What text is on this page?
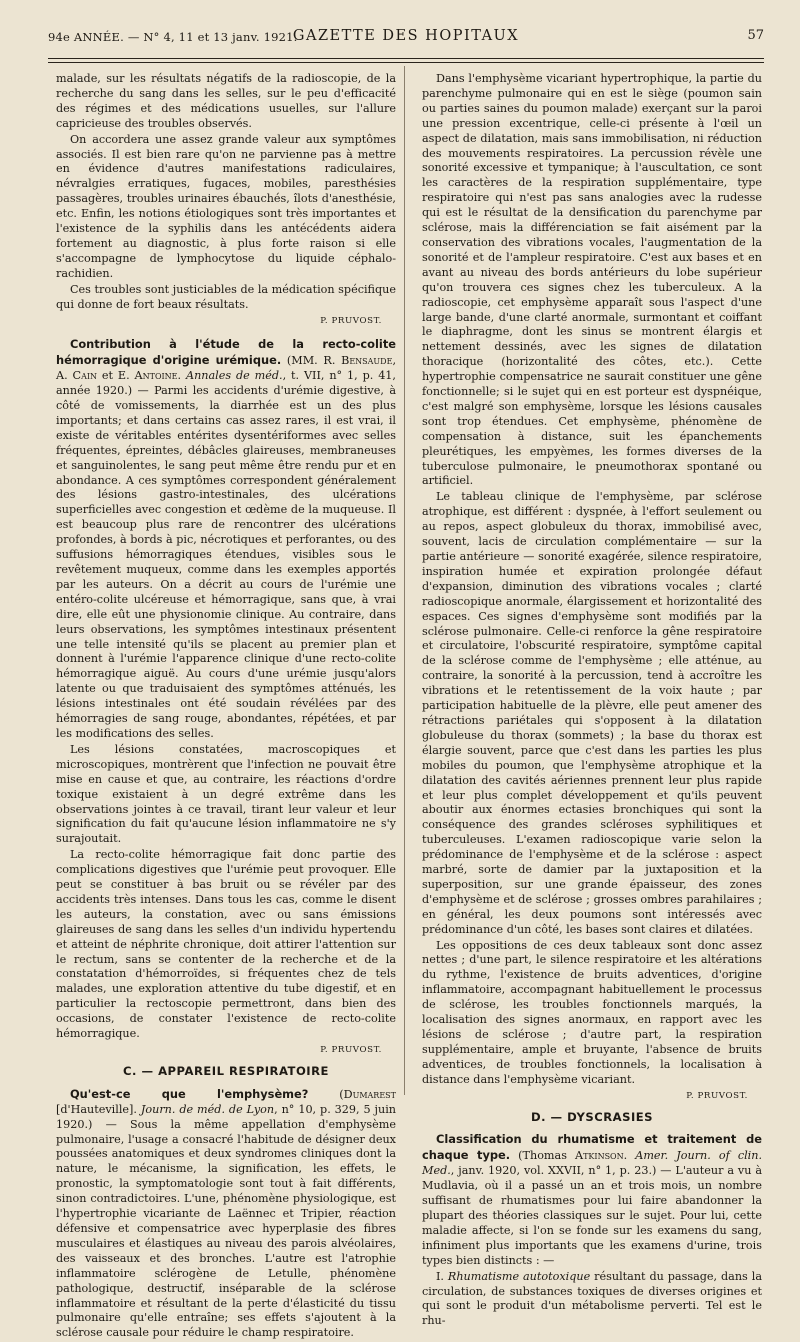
94e ANNÉE. — N° 4, 11 et 13 janv. 1921.
GAZETTE DES HOPITAUX	57

malade, sur les résultats négatifs de la radioscopie, de la recherche du sang dans les selles, sur le peu d'efficacité des régimes et des médications usuelles, sur l'allure capricieuse des troubles observés.

On accordera une assez grande valeur aux symptômes associés. Il est bien rare qu'on ne parvienne pas à mettre en évidence d'autres manifestations radiculaires, névralgies erratiques, fugaces, mobiles, paresthésies passagères, troubles urinaires ébauchés, îlots d'anesthésie, etc. Enfin, les notions étiologiques sont très importantes et l'existence de la syphilis dans les antécédents aidera fortement au diagnostic, à plus forte raison si elle s'accompagne de lymphocytose du liquide céphalo-rachidien.

Ces troubles sont justiciables de la médication spécifique qui donne de fort beaux résultats.

P. PRUVOST.

Contribution à l'étude de la recto-colite hémorragique d'origine urémique. (MM. R. Bensaude, A. Cain et E. Antoine. Annales de méd., t. VII, n° 1, p. 41, année 1920.) — Parmi les accidents d'urémie digestive, à côté de vomissements, la diarrhée est un des plus importants; et dans certains cas assez rares, il est vrai, il existe de véritables entérites dysentériformes avec selles fréquentes, épreintes, débâcles glaireuses, membraneuses et sanguinolentes, le sang peut même être rendu pur et en abondance. A ces symptômes correspondent généralement des lésions gastro-intestinales, des ulcérations superficielles avec congestion et œdème de la muqueuse. Il est beaucoup plus rare de rencontrer des ulcérations profondes, à bords à pic, nécrotiques et perforantes, ou des suffusions hémorragiques étendues, visibles sous le revêtement muqueux, comme dans les exemples apportés par les auteurs. On a décrit au cours de l'urémie une entéro-colite ulcéreuse et hémorragique, sans que, à vrai dire, elle eût une physionomie clinique. Au contraire, dans leurs observations, les symptômes intestinaux présentent une telle intensité qu'ils se placent au premier plan et donnent à l'urémie l'apparence clinique d'une recto-colite hémorragique aiguë. Au cours d'une urémie jusqu'alors latente ou que traduisaient des symptômes atténués, les lésions intestinales ont été soudain révélées par des hémorragies de sang rouge, abondantes, répétées, et par les modifications des selles.

Les lésions constatées, macroscopiques et microscopiques, montrèrent que l'infection ne pouvait être mise en cause et que, au contraire, les réactions d'ordre toxique existaient à un degré extrême dans les observations jointes à ce travail, tirant leur valeur et leur signification du fait qu'aucune lésion inflammatoire ne s'y surajoutait.

La recto-colite hémorragique fait donc partie des complications digestives que l'urémie peut provoquer. Elle peut se constituer à bas bruit ou se révéler par des accidents très intenses. Dans tous les cas, comme le disent les auteurs, la constation, avec ou sans émissions glaireuses de sang dans les selles d'un individu hypertendu et atteint de néphrite chronique, doit attirer l'attention sur le rectum, sans se contenter de la recherche et de la constatation d'hémorroïdes, si fréquentes chez de tels malades, une exploration attentive du tube digestif, et en particulier la rectoscopie permettront, dans bien des occasions, de constater l'existence de recto-colite hémorragique.

P. PRUVOST.
C. — APPAREIL RESPIRATOIRE

Qu'est-ce que l'emphysème? (Dumarest [d'Hauteville]. Journ. de méd. de Lyon, n° 10, p. 329, 5 juin 1920.) — Sous la même appellation d'emphysème pulmonaire, l'usage a consacré l'habitude de désigner deux poussées anatomiques et deux syndromes cliniques dont la nature, le mécanisme, la signification, les effets, le pronostic, la symptomatologie sont tout à fait différents, sinon contradictoires. L'une, phénomène physiologique, est l'hypertrophie vicariante de Laënnec et Tripier, réaction défensive et compensatrice avec hyperplasie des fibres musculaires et élastiques au niveau des parois alvéolaires, des vaisseaux et des bronches. L'autre est l'atrophie inflammatoire sclérogène de Letulle, phénomène pathologique, destructif, inséparable de la sclérose inflammatoire et résultant de la perte d'élasticité du tissu pulmonaire qu'elle entraîne; ses effets s'ajoutent à la sclérose causale pour réduire le champ respiratoire.

Dans l'emphysème vicariant hypertrophique, la partie du parenchyme pulmonaire qui en est le siège (poumon sain ou parties saines du poumon malade) exerçant sur la paroi une pression excentrique, celle-ci présente à l'œil un aspect de dilatation, mais sans immobilisation, ni réduction des mouvements respiratoires. La percussion révèle une sonorité excessive et tympanique; à l'auscultation, ce sont les caractères de la respiration supplémentaire, type respiratoire qui n'est pas sans analogies avec la rudesse qui est le résultat de la densification du parenchyme par sclérose, mais la différenciation se fait aisément par la conservation des vibrations vocales, l'augmentation de la sonorité et de l'ampleur respiratoire. C'est aux bases et en avant au niveau des bords antérieurs du lobe supérieur qu'on trouvera ces signes chez les tuberculeux. A la radioscopie, cet emphysème apparaît sous l'aspect d'une large bande, d'une clarté anormale, surmontant et coiffant le diaphragme, dont les sinus se montrent élargis et nettement dessinés, avec les signes de dilatation thoracique (horizontalité des côtes, etc.). Cette hypertrophie compensatrice ne saurait constituer une gêne fonctionnelle; si le sujet qui en est porteur est dyspnéique, c'est malgré son emphysème, lorsque les lésions causales sont trop étendues. Cet emphysème, phénomène de compensation à distance, suit les épanchements pleurétiques, les empyèmes, les formes diverses de la tuberculose pulmonaire, le pneumothorax spontané ou artificiel.

Le tableau clinique de l'emphysème, par sclérose atrophique, est différent : dyspnée, à l'effort seulement ou au repos, aspect globuleux du thorax, immobilisé avec, souvent, lacis de circulation complémentaire — sur la partie antérieure — sonorité exagérée, silence respiratoire, inspiration humée et expiration prolongée défaut d'expansion, diminution des vibrations vocales ; clarté radioscopique anormale, élargissement et horizontalité des espaces. Ces signes d'emphysème sont modifiés par la sclérose pulmonaire. Celle-ci renforce la gêne respiratoire et circulatoire, l'obscurité respiratoire, symptôme capital de la sclérose comme de l'emphysème ; elle atténue, au contraire, la sonorité à la percussion, tend à accroître les vibrations et le retentissement de la voix haute ; par participation habituelle de la plèvre, elle peut amener des rétractions pariétales qui s'opposent à la dilatation globuleuse du thorax (sommets) ; la base du thorax est élargie souvent, parce que c'est dans les parties les plus mobiles du poumon, que l'emphysème atrophique et la dilatation des cavités aériennes prennent leur plus rapide et leur plus complet développement et qu'ils peuvent aboutir aux énormes ectasies bronchiques qui sont la conséquence des grandes scléroses syphilitiques et tuberculeuses. L'examen radioscopique varie selon la prédominance de l'emphysème et de la sclérose : aspect marbré, sorte de damier par la juxtaposition et la superposition, sur une grande épaisseur, des zones d'emphysème et de sclérose ; grosses ombres parahilaires ; en général, les deux poumons sont intéressés avec prédominance d'un côté, les bases sont claires et dilatées.

Les oppositions de ces deux tableaux sont donc assez nettes ; d'une part, le silence respiratoire et les altérations du rythme, l'existence de bruits adventices, d'origine inflammatoire, accompagnant habituellement le processus de sclérose, les troubles fonctionnels marqués, la localisation des signes anormaux, en rapport avec les lésions de sclérose ; d'autre part, la respiration supplémentaire, ample et bruyante, l'absence de bruits adventices, de troubles fonctionnels, la localisation à distance dans l'emphysème vicariant.

P. PRUVOST.
D. — DYSCRASIES

Classification du rhumatisme et traitement de chaque type. (Thomas Atkinson. Amer. Journ. of clin. Med., janv. 1920, vol. XXVII, n° 1, p. 23.) — L'auteur a vu à Mudlavia, où il a passé un an et trois mois, un nombre suffisant de rhumatismes pour lui faire abandonner la plupart des théories classiques sur le sujet. Pour lui, cette maladie affecte, si l'on se fonde sur les examens du sang, infiniment plus importants que les examens d'urine, trois types bien distincts : —

I. Rhumatisme autotoxique résultant du passage, dans la circulation, de substances toxiques de diverses origines et qui sont le produit d'un métabolisme perverti. Tel est le rhu-
